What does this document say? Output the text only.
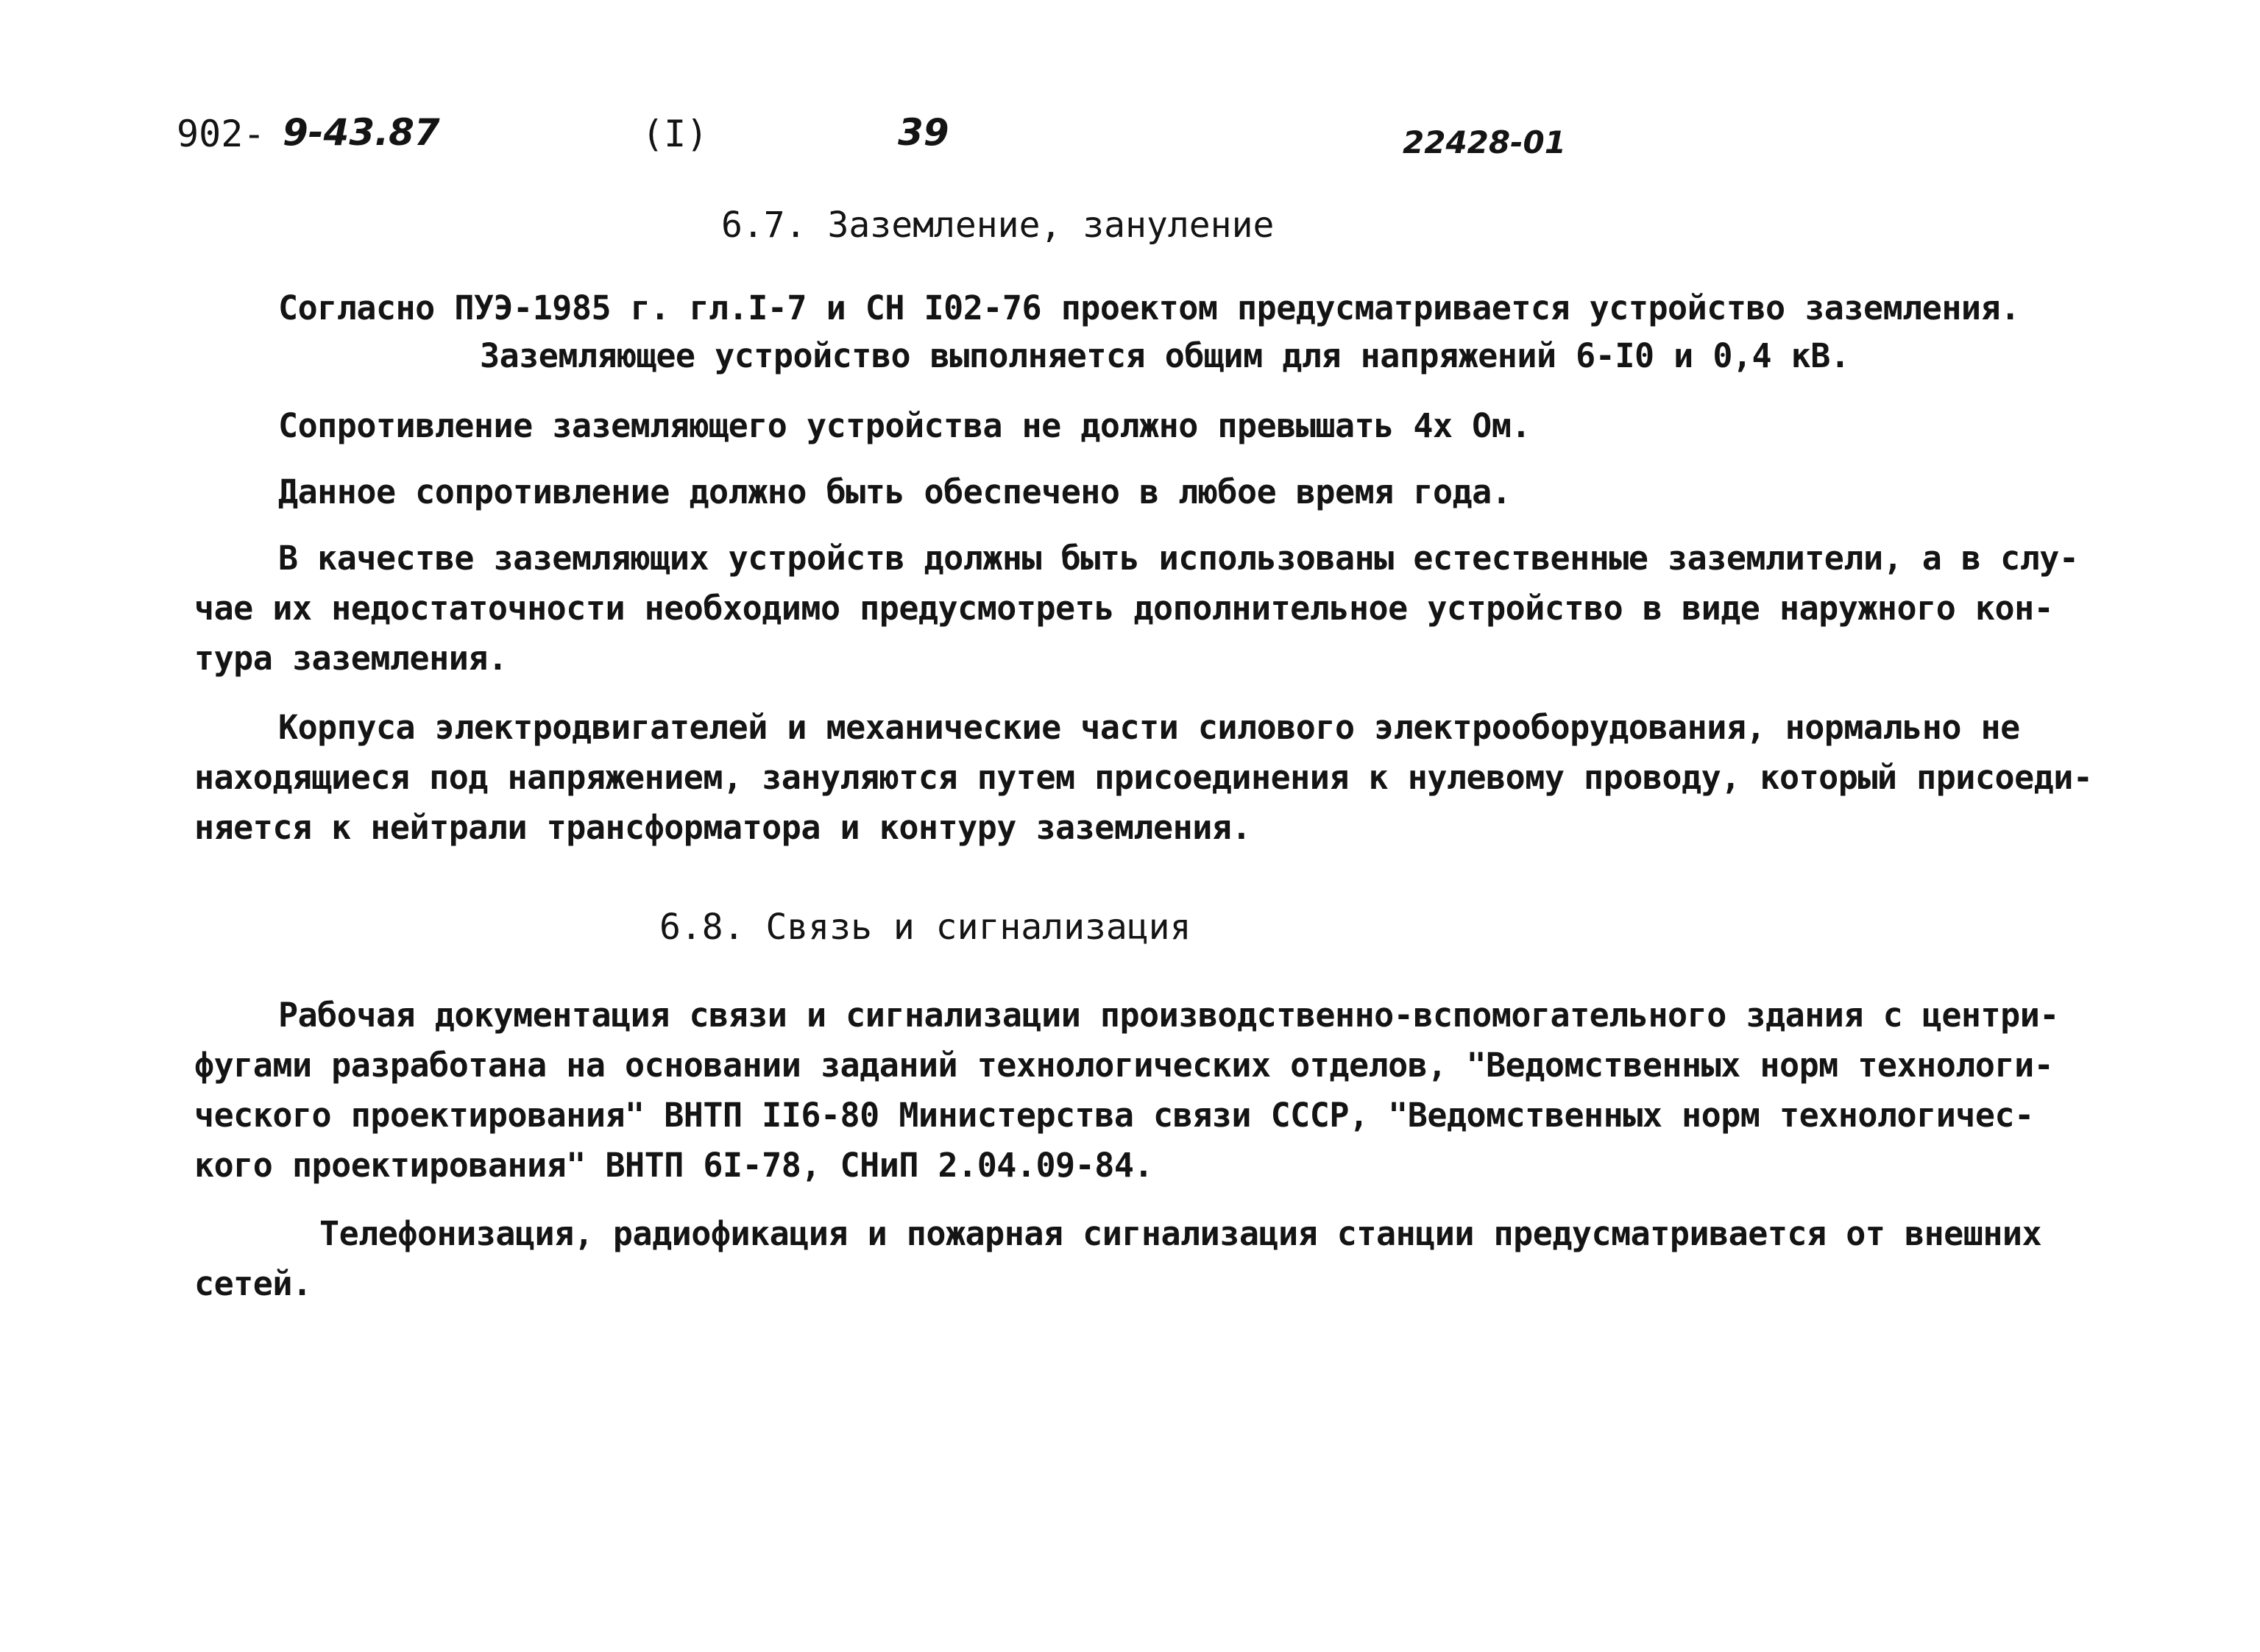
902- 9-43.87	(I)	39	22428-01
6.7. Заземление, зануление
Согласно ПУЭ-1985 г. гл.I-7 и СН I02-76 проектом предусматривается устройство заземления.
Заземляющее устройство выполняется общим для напряжений 6-I0 и 0,4 кВ.
Сопротивление заземляющего устройства не должно превышать 4х Ом.
Данное сопротивление должно быть обеспечено в любое время года.
В качестве заземляющих устройств должны быть использованы естественные заземлители, а в слу-
чае их недостаточности необходимо предусмотреть дополнительное устройство в виде наружного кон-
тура заземления.
Корпуса электродвигателей и механические части силового электрооборудования, нормально не
находящиеся под напряжением, зануляются путем присоединения к нулевому проводу, который присоеди-
няется к нейтрали трансформатора и контуру заземления.
6.8. Связь и сигнализация
Рабочая документация связи и сигнализации производственно-вспомогательного здания с центри-
фугами разработана на основании заданий технологических отделов, "Ведомственных норм технологи-
ческого проектирования" ВНТП II6-80 Министерства связи СССР, "Ведомственных норм технологичес-
кого проектирования" ВНТП 6I-78, СНиП 2.04.09-84.
Телефонизация, радиофикация и пожарная сигнализация станции предусматривается от внешних
сетей.
